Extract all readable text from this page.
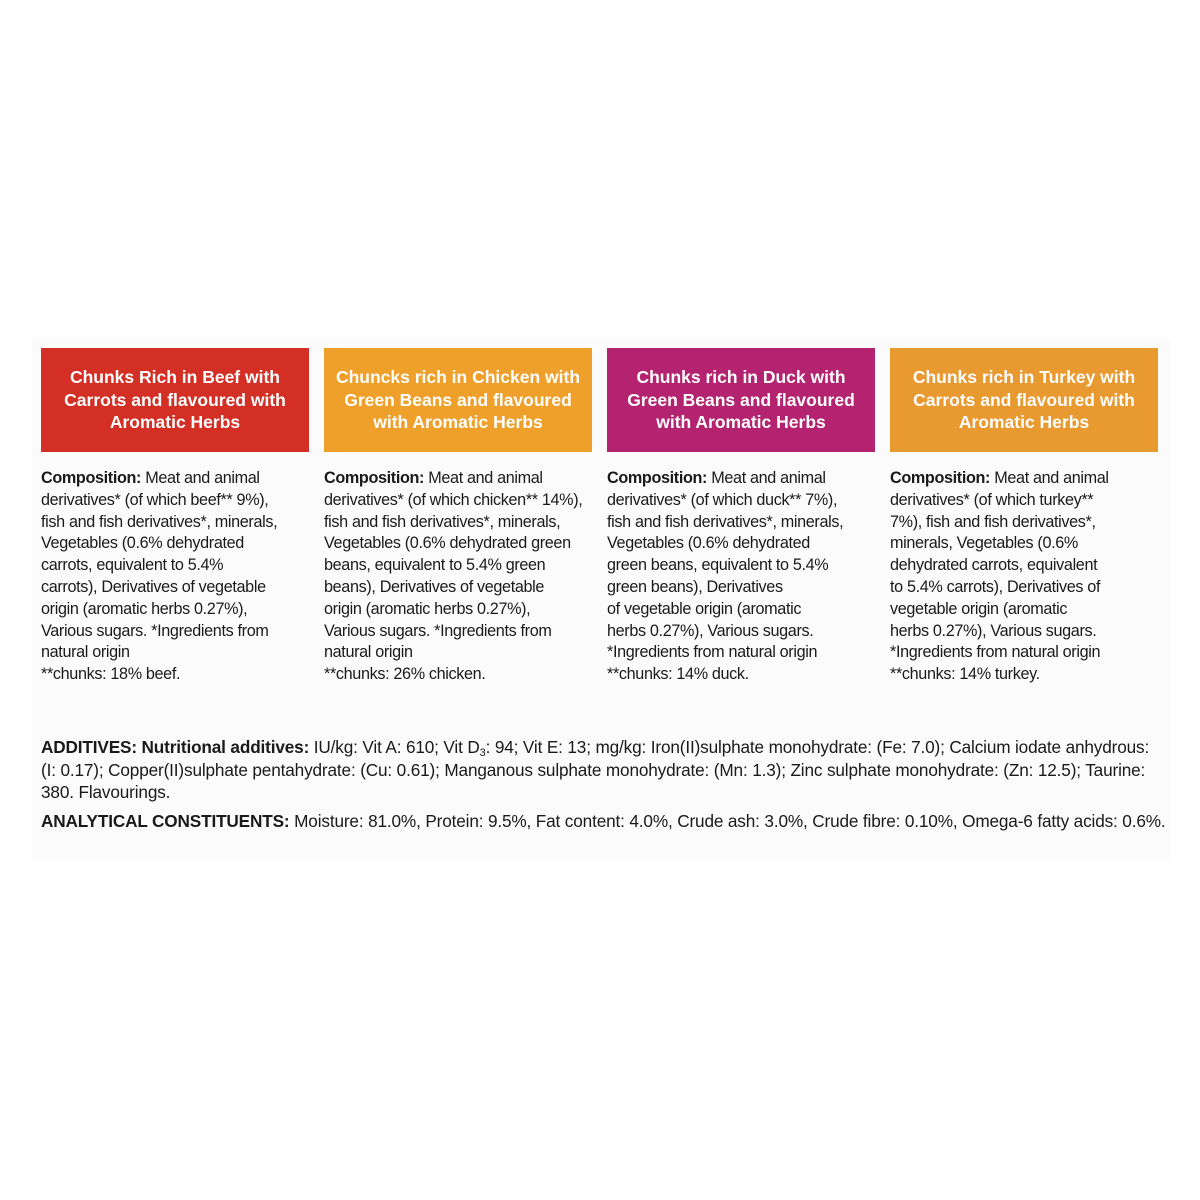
Chunks Rich in Beef with
Carrots and flavoured with
Aromatic Herbs
Composition: Meat and animal
derivatives* (of which beef** 9%),
fish and fish derivatives*, minerals,
Vegetables (0.6% dehydrated
carrots, equivalent to 5.4%
carrots), Derivatives of vegetable
origin (aromatic herbs 0.27%),
Various sugars. *Ingredients from
natural origin
**chunks: 18% beef.
Chuncks rich in Chicken with
Green Beans and flavoured
with Aromatic Herbs
Composition: Meat and animal
derivatives* (of which chicken** 14%),
fish and fish derivatives*, minerals,
Vegetables (0.6% dehydrated green
beans, equivalent to 5.4% green
beans), Derivatives of vegetable
origin (aromatic herbs 0.27%),
Various sugars. *Ingredients from
natural origin
**chunks: 26% chicken.
Chunks rich in Duck with
Green Beans and flavoured
with Aromatic Herbs
Composition: Meat and animal
derivatives* (of which duck** 7%),
fish and fish derivatives*, minerals,
Vegetables (0.6% dehydrated
green beans, equivalent to 5.4%
green beans), Derivatives
of vegetable origin (aromatic
herbs 0.27%), Various sugars.
*Ingredients from natural origin
**chunks: 14% duck.
Chunks rich in Turkey with
Carrots and flavoured with
Aromatic Herbs
Composition: Meat and animal
derivatives* (of which turkey**
7%), fish and fish derivatives*,
minerals, Vegetables (0.6%
dehydrated carrots, equivalent
to 5.4% carrots), Derivatives of
vegetable origin (aromatic
herbs 0.27%), Various sugars.
*Ingredients from natural origin
**chunks: 14% turkey.
ADDITIVES: Nutritional additives: IU/kg: Vit A: 610; Vit $D_3$: 94; Vit E: 13; mg/kg: Iron(II)sulphate monohydrate: (Fe: 7.0); Calcium iodate anhydrous: (I: 0.17); Copper(II)sulphate pentahydrate: (Cu: 0.61); Manganous sulphate monohydrate: (Mn: 1.3); Zinc sulphate monohydrate: (Zn: 12.5); Taurine: 380. Flavourings.
ANALYTICAL CONSTITUENTS: Moisture: 81.0%, Protein: 9.5%, Fat content: 4.0%, Crude ash: 3.0%, Crude fibre: 0.10%, Omega-6 fatty acids: 0.6%.
